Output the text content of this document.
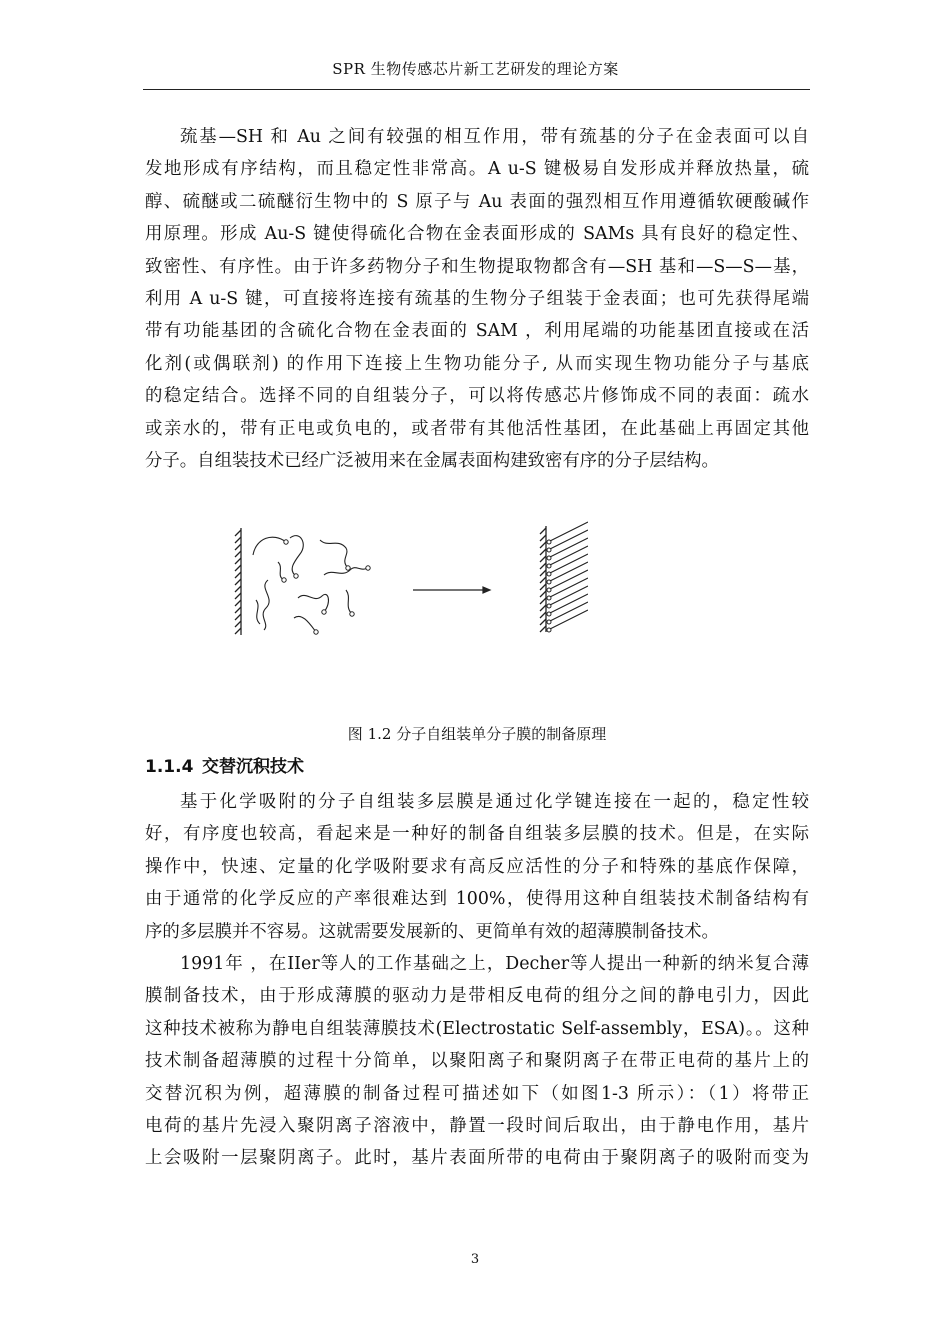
SPR 生物传感芯片新工艺研发的理论方案
巯基—SH 和 Au 之间有较强的相互作用，带有巯基的分子在金表面可以自
发地形成有序结构，而且稳定性非常高。A u-S 键极易自发形成并释放热量，硫
醇、硫醚或二硫醚衍生物中的 S 原子与 Au 表面的强烈相互作用遵循软硬酸碱作
用原理。形成 Au-S 键使得硫化合物在金表面形成的 SAMs 具有良好的稳定性、
致密性、有序性。由于许多药物分子和生物提取物都含有—SH 基和—S—S—基，
利用 A u-S 键，可直接将连接有巯基的生物分子组装于金表面；也可先获得尾端
带有功能基团的含硫化合物在金表面的 SAM ，利用尾端的功能基团直接或在活
化剂(或偶联剂) 的作用下连接上生物功能分子, 从而实现生物功能分子与基底
的稳定结合。选择不同的自组装分子，可以将传感芯片修饰成不同的表面：疏水
或亲水的，带有正电或负电的，或者带有其他活性基团，在此基础上再固定其他
分子。自组装技术已经广泛被用来在金属表面构建致密有序的分子层结构。
图 1.2 分子自组装单分子膜的制备原理
1.1.4 交替沉积技术
基于化学吸附的分子自组装多层膜是通过化学键连接在一起的，稳定性较
好，有序度也较高，看起来是一种好的制备自组装多层膜的技术。但是，在实际
操作中，快速、定量的化学吸附要求有高反应活性的分子和特殊的基底作保障，
由于通常的化学反应的产率很难达到 100%，使得用这种自组装技术制备结构有
序的多层膜并不容易。这就需要发展新的、更简单有效的超薄膜制备技术。
1991年 ，在IIer等人的工作基础之上，Decher等人提出一种新的纳米复合薄
膜制备技术，由于形成薄膜的驱动力是带相反电荷的组分之间的静电引力，因此
这种技术被称为静电自组装薄膜技术(Electrostatic Self-assembly，ESA)。。这种
技术制备超薄膜的过程十分简单，以聚阳离子和聚阴离子在带正电荷的基片上的
交替沉积为例，超薄膜的制备过程可描述如下（如图1-3 所示）：（1）将带正
电荷的基片先浸入聚阴离子溶液中，静置一段时间后取出，由于静电作用，基片
上会吸附一层聚阴离子。此时，基片表面所带的电荷由于聚阴离子的吸附而变为
3
